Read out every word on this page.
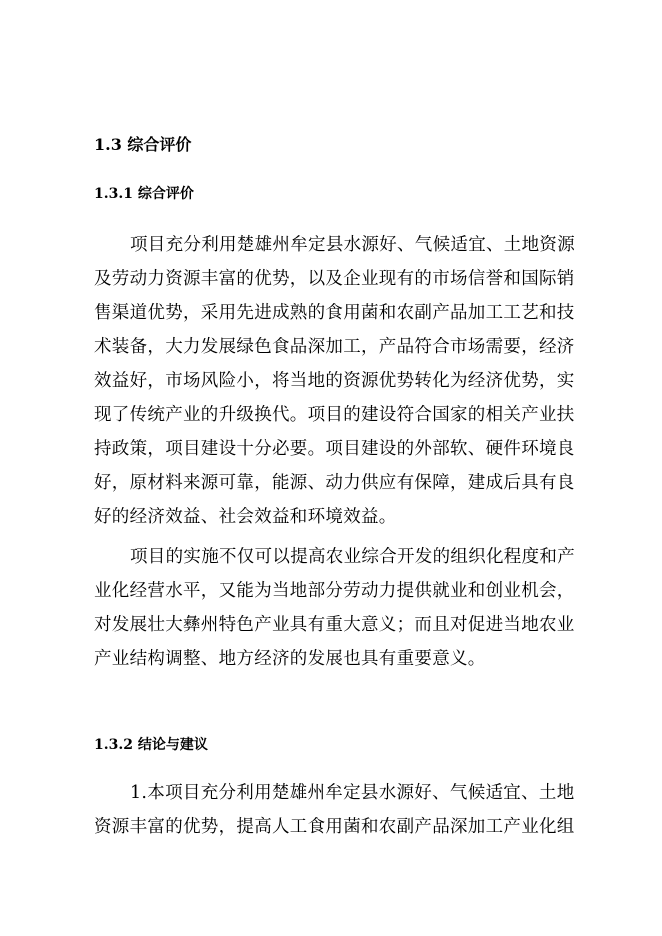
1.3 综合评价
1.3.1 综合评价
项目充分利用楚雄州牟定县水源好、气候适宜、土地资源
及劳动力资源丰富的优势，以及企业现有的市场信誉和国际销
售渠道优势，采用先进成熟的食用菌和农副产品加工工艺和技
术装备，大力发展绿色食品深加工，产品符合市场需要，经济
效益好，市场风险小，将当地的资源优势转化为经济优势，实
现了传统产业的升级换代。项目的建设符合国家的相关产业扶
持政策，项目建设十分必要。项目建设的外部软、硬件环境良
好，原材料来源可靠，能源、动力供应有保障，建成后具有良
好的经济效益、社会效益和环境效益。
项目的实施不仅可以提高农业综合开发的组织化程度和产
业化经营水平，又能为当地部分劳动力提供就业和创业机会，
对发展壮大彝州特色产业具有重大意义；而且对促进当地农业
产业结构调整、地方经济的发展也具有重要意义。
1.3.2 结论与建议
1.本项目充分利用楚雄州牟定县水源好、气候适宜、土地
资源丰富的优势，提高人工食用菌和农副产品深加工产业化组
